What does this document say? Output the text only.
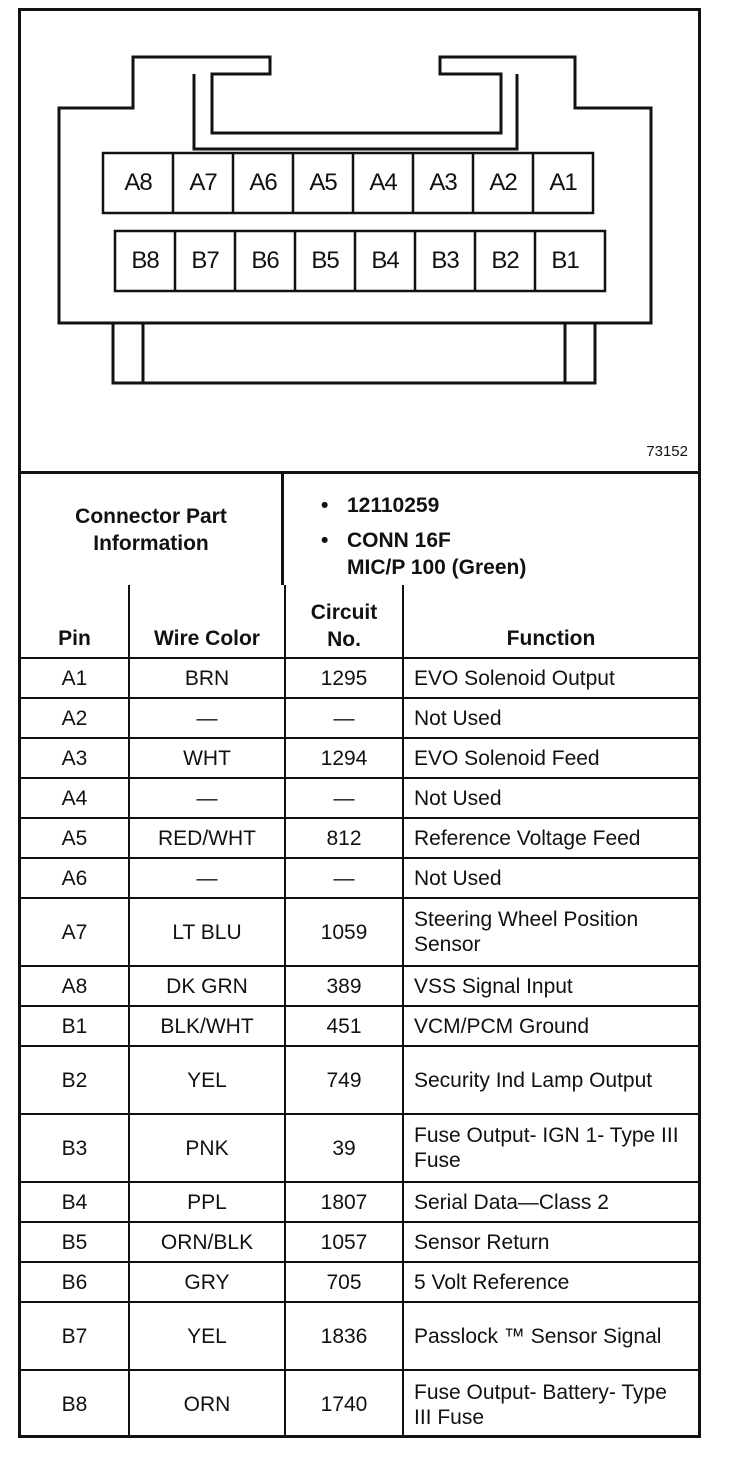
A8	A7	A6	A5	A4	A3	A2	A1
B8	B7	B6	B5	B4	B3	B2	B1
73152
Connector Part Information
• 12110259
• CONN 16F
MIC/P 100 (Green)
Pin	Wire Color	Circuit No.	Function
A1	BRN	1295	EVO Solenoid Output
A2	—	—	Not Used
A3	WHT	1294	EVO Solenoid Feed
A4	—	—	Not Used
A5	RED/WHT	812	Reference Voltage Feed
A6	—	—	Not Used
A7	LT BLU	1059	Steering Wheel Position Sensor
A8	DK GRN	389	VSS Signal Input
B1	BLK/WHT	451	VCM/PCM Ground
B2	YEL	749	Security Ind Lamp Output
B3	PNK	39	Fuse Output- IGN 1- Type III Fuse
B4	PPL	1807	Serial Data—Class 2
B5	ORN/BLK	1057	Sensor Return
B6	GRY	705	5 Volt Reference
B7	YEL	1836	Passlock ™ Sensor Signal
B8	ORN	1740	Fuse Output- Battery- Type III Fuse
